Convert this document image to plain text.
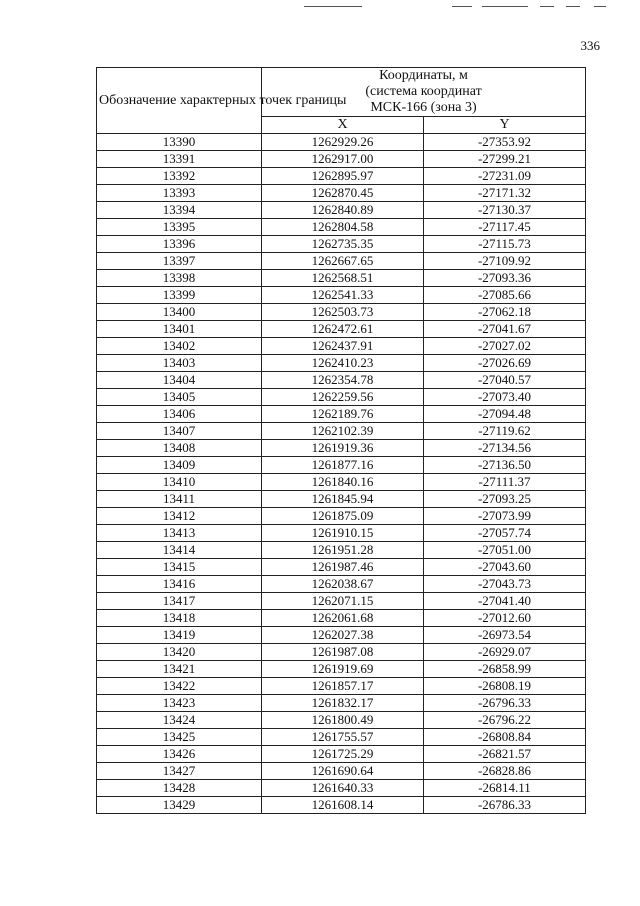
336
Обозначение характерных точек границы	Координаты, м
(система координат
МСК-166 (зона 3)	

	X	Y
13390	1262929.26	-27353.92
13391	1262917.00	-27299.21
13392	1262895.97	-27231.09
13393	1262870.45	-27171.32
13394	1262840.89	-27130.37
13395	1262804.58	-27117.45
13396	1262735.35	-27115.73
13397	1262667.65	-27109.92
13398	1262568.51	-27093.36
13399	1262541.33	-27085.66
13400	1262503.73	-27062.18
13401	1262472.61	-27041.67
13402	1262437.91	-27027.02
13403	1262410.23	-27026.69
13404	1262354.78	-27040.57
13405	1262259.56	-27073.40
13406	1262189.76	-27094.48
13407	1262102.39	-27119.62
13408	1261919.36	-27134.56
13409	1261877.16	-27136.50
13410	1261840.16	-27111.37
13411	1261845.94	-27093.25
13412	1261875.09	-27073.99
13413	1261910.15	-27057.74
13414	1261951.28	-27051.00
13415	1261987.46	-27043.60
13416	1262038.67	-27043.73
13417	1262071.15	-27041.40
13418	1262061.68	-27012.60
13419	1262027.38	-26973.54
13420	1261987.08	-26929.07
13421	1261919.69	-26858.99
13422	1261857.17	-26808.19
13423	1261832.17	-26796.33
13424	1261800.49	-26796.22
13425	1261755.57	-26808.84
13426	1261725.29	-26821.57
13427	1261690.64	-26828.86
13428	1261640.33	-26814.11
13429	1261608.14	-26786.33
